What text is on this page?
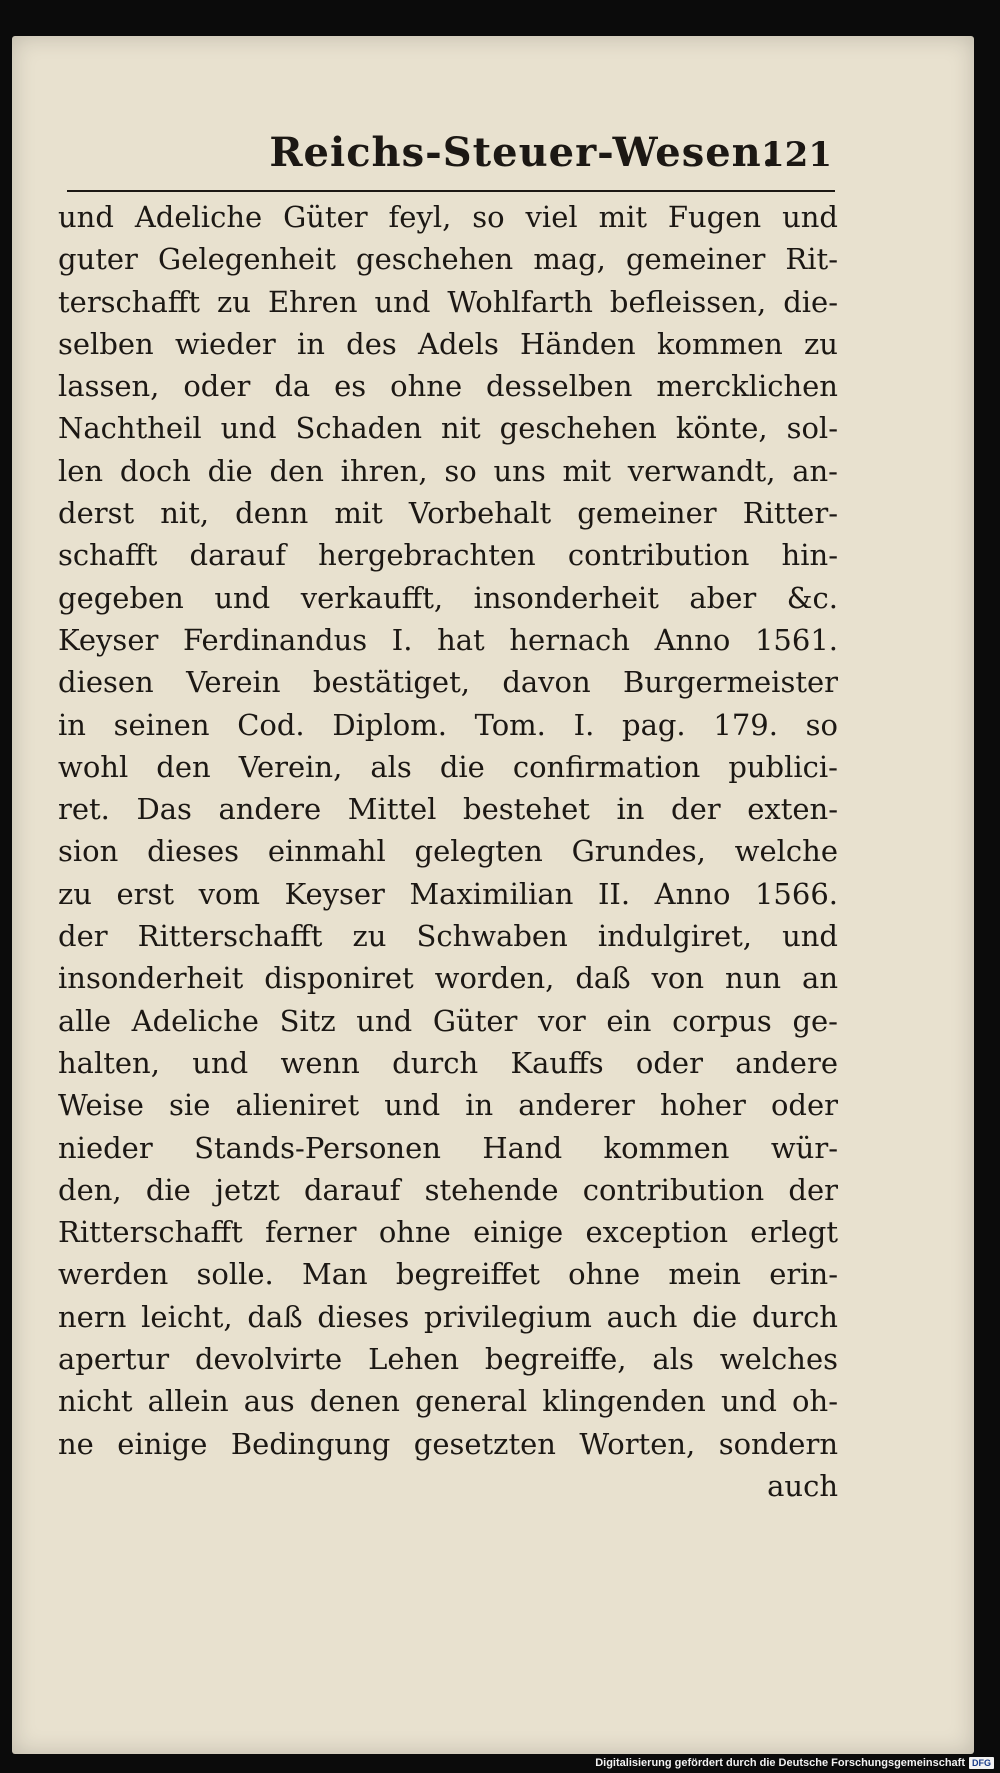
Reichs-Steuer-Wesen.
121
und Adeliche Güter feyl, so viel mit Fugen und
guter Gelegenheit geschehen mag, gemeiner Rit-
terschafft zu Ehren und Wohlfarth befleissen, die-
selben wieder in des Adels Händen kommen zu
lassen, oder da es ohne desselben mercklichen
Nachtheil und Schaden nit geschehen könte, sol-
len doch die den ihren, so uns mit verwandt, an-
derst nit, denn mit Vorbehalt gemeiner Ritter-
schafft darauf hergebrachten contribution hin-
gegeben und verkaufft, insonderheit aber &c.
Keyser Ferdinandus I. hat hernach Anno 1561.
diesen Verein bestätiget, davon Burgermeister
in seinen Cod. Diplom. Tom. I. pag. 179. so
wohl den Verein, als die confirmation publici-
ret. Das andere Mittel bestehet in der exten-
sion dieses einmahl gelegten Grundes, welche
zu erst vom Keyser Maximilian II. Anno 1566.
der Ritterschafft zu Schwaben indulgiret, und
insonderheit disponiret worden, daß von nun an
alle Adeliche Sitz und Güter vor ein corpus ge-
halten, und wenn durch Kauffs oder andere
Weise sie alieniret und in anderer hoher oder
nieder Stands-Personen Hand kommen wür-
den, die jetzt darauf stehende contribution der
Ritterschafft ferner ohne einige exception erlegt
werden solle. Man begreiffet ohne mein erin-
nern leicht, daß dieses privilegium auch die durch
apertur devolvirte Lehen begreiffe, als welches
nicht allein aus denen general klingenden und oh-
ne einige Bedingung gesetzten Worten, sondern
auch
Digitalisierung gefördert durch die Deutsche Forschungsgemeinschaft DFG
